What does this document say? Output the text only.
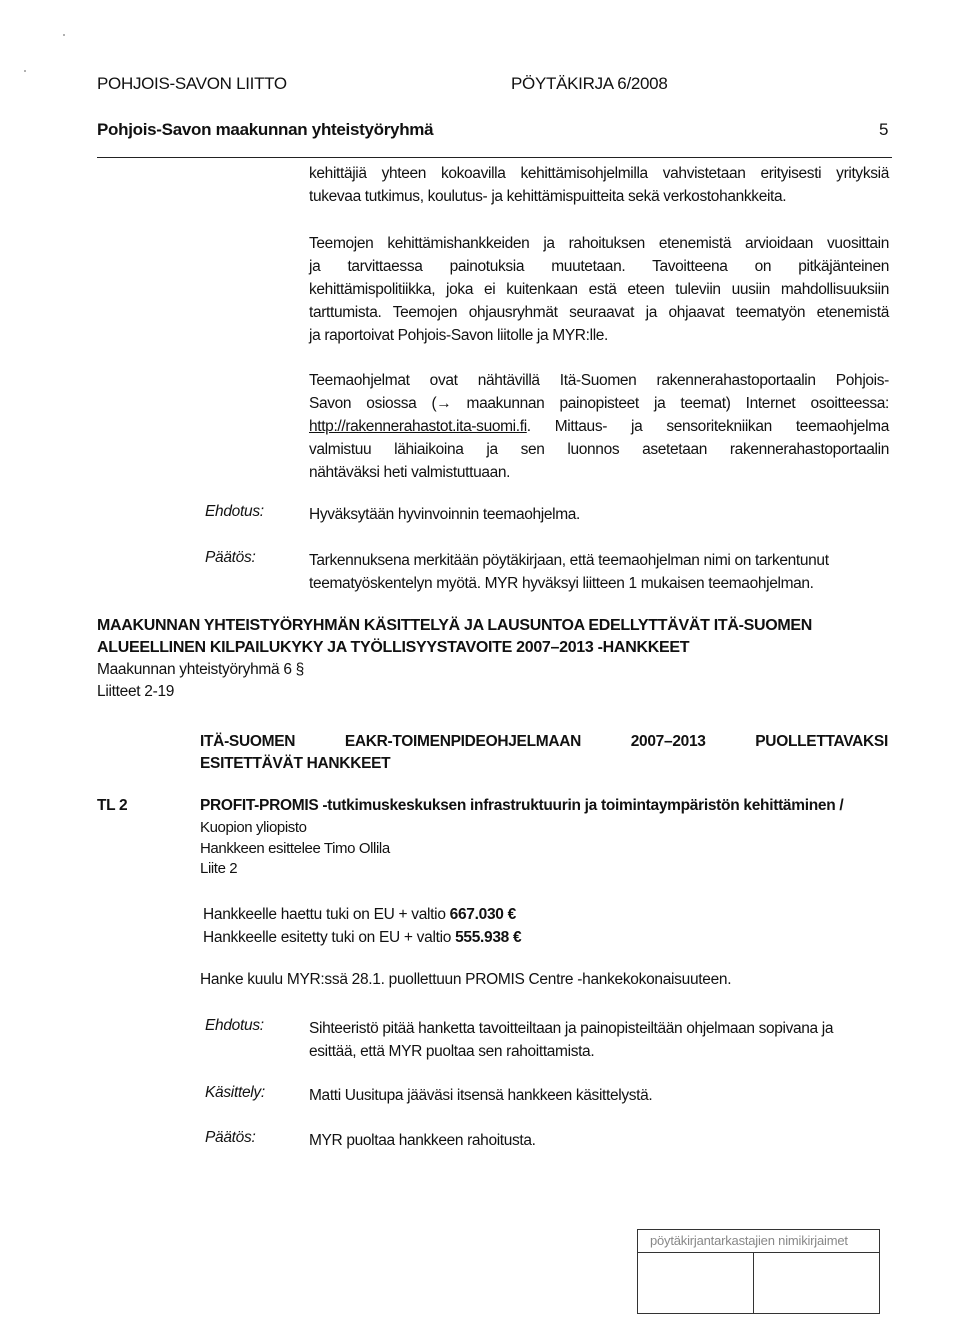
POHJOIS-SAVON LIITTO	PÖYTÄKIRJA 6/2008
Pohjois-Savon maakunnan yhteistyöryhmä	5
kehittäjiä yhteen kokoavilla kehittämisohjelmilla vahvistetaan erityisesti yrityksiä
tukevaa tutkimus, koulutus- ja kehittämispuitteita sekä verkostohankkeita.
Teemojen kehittämishankkeiden ja rahoituksen etenemistä arvioidaan vuosittain
ja tarvittaessa painotuksia muutetaan. Tavoitteena on pitkäjänteinen
kehittämispolitiikka, joka ei kuitenkaan estä eteen tuleviin uusiin mahdollisuuksiin
tarttumista. Teemojen ohjausryhmät seuraavat ja ohjaavat teematyön etenemistä
ja raportoivat Pohjois-Savon liitolle ja MYR:lle.
Teemaohjelmat ovat nähtävillä Itä-Suomen rakennerahastoportaalin Pohjois-
Savon osiossa (→ maakunnan painopisteet ja teemat) Internet osoitteessa:
http://rakennerahastot.ita-suomi.fi. Mittaus- ja sensoritekniikan teemaohjelma
valmistuu lähiaikoina ja sen luonnos asetetaan rakennerahastoportaalin
nähtäväksi heti valmistuttuaan.
Ehdotus:	Hyväksytään hyvinvoinnin teemaohjelma.
Päätös:	Tarkennuksena merkitään pöytäkirjaan, että teemaohjelman nimi on tarkentunut
teematyöskentelyn myötä. MYR hyväksyi liitteen 1 mukaisen teemaohjelman.
MAAKUNNAN YHTEISTYÖRYHMÄN KÄSITTELYÄ JA LAUSUNTOA EDELLYTTÄVÄT ITÄ-SUOMEN
ALUEELLINEN KILPAILUKYKY JA TYÖLLISYYSTAVOITE 2007–2013 -HANKKEET
Maakunnan yhteistyöryhmä 6 §
Liitteet 2-19
ITÄ-SUOMEN	EAKR-TOIMENPIDEOHJELMAAN	2007–2013	PUOLLETTAVAKSI
ESITETTÄVÄT HANKKEET
TL 2	PROFIT-PROMIS -tutkimuskeskuksen infrastruktuurin ja toimintaympäristön kehittäminen /
Kuopion yliopisto
Hankkeen esittelee Timo Ollila
Liite 2
Hankkeelle haettu tuki on EU + valtio 667.030 €
Hankkeelle esitetty tuki on EU + valtio 555.938 €
Hanke kuulu MYR:ssä 28.1. puollettuun PROMIS Centre -hankekokonaisuuteen.
Ehdotus:	Sihteeristö pitää hanketta tavoitteiltaan ja painopisteiltään ohjelmaan sopivana ja
esittää, että MYR puoltaa sen rahoittamista.
Käsittely:	Matti Uusitupa jääväsi itsensä hankkeen käsittelystä.
Päätös:	MYR puoltaa hankkeen rahoitusta.
pöytäkirjantarkastajien nimikirjaimet
